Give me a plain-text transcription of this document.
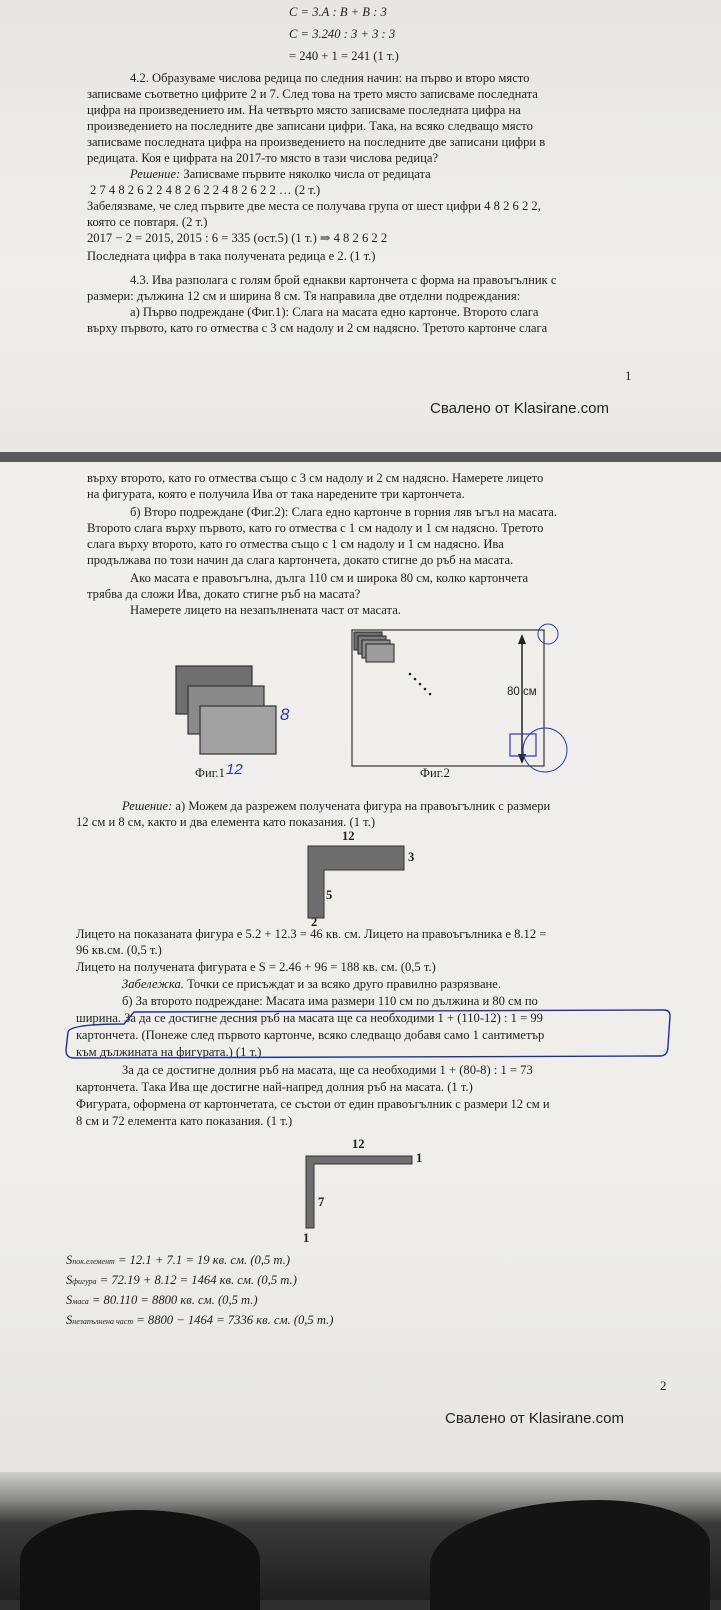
C = 3.А : В + В : 3
C = 3.240 : 3 + 3 : 3
= 240 + 1 = 241 (1 т.)
4.2. Образуваме числова редица по следния начин: на първо и второ място
записваме съответно цифрите 2 и 7. След това на трето място записваме последната
цифра на произведението им. На четвърто място записваме последната цифра на
произведението на последните две записани цифри. Така, на всяко следващо място
записваме последната цифра на произведението на последните две записани цифри в
редицата. Коя е цифрата на 2017-то място в тази числова редица?
Решение: Записваме първите няколко числа от редицата
2 7 4 8 2 6 2 2 4 8 2 6 2 2 4 8 2 6 2 2 … (2 т.)
Забелязваме, че след първите две места се получава група от шест цифри 4 8 2 6 2 2,
която се повтаря. (2 т.)
2017 − 2 = 2015, 2015 : 6 = 335 (ост.5) (1 т.) ⇒ 4 8 2 6 2 2
Последната цифра в така получената редица е 2. (1 т.)
4.3. Ива разполага с голям брой еднакви картончета с форма на правоъгълник с
размери: дължина 12 см и ширина 8 см. Тя направила две отделни подреждания:
а) Първо подреждане (Фиг.1): Слага на масата едно картонче. Второто слага
върху първото, като го отмества с 3 см надолу и 2 см надясно. Третото картонче слага
1
Свалено от Klasirane.com
върху второто, като го отмества също с 3 см надолу и 2 см надясно. Намерете лицето
на фигурата, която е получила Ива от така наредените три картончета.
б) Второ подреждане (Фиг.2): Слага едно картонче в горния ляв ъгъл на масата.
Второто слага върху първото, като го отмества с 1 см надолу и 1 см надясно. Третото
слага върху второто, като го отмества също с 1 см надолу и 1 см надясно. Ива
продължава по този начин да слага картончета, докато стигне до ръб на масата.
Ако масата е правоъгълна, дълга 110 см и широка 80 см, колко картончета
трябва да сложи Ива, докато стигне ръб на масата?
Намерете лицето на незапълнената част от масата.
8
12
Фиг.1
80 см
Фиг.2
Решение: а) Можем да разрежем получената фигура на правоъгълник с размери
12 см и 8 см, както и два елемента като показания. (1 т.)
12
3
5
2
Лицето на показаната фигура е 5.2 + 12.3 = 46 кв. см. Лицето на правоъгълника е 8.12 =
96 кв.см. (0,5 т.)
Лицето на получената фигурата е S = 2.46 + 96 = 188 кв. см. (0,5 т.)
Забележка. Точки се присъждат и за всяко друго правилно разрязване.
б) За второто подреждане: Масата има размери 110 см по дължина и 80 см по
ширина. За да се достигне десния ръб на масата ще са необходими 1 + (110-12) : 1 = 99
картончета. (Понеже след първото картонче, всяко следващо добавя само 1 сантиметър
към дължината на фигурата.) (1 т.)
За да се достигне долния ръб на масата, ще са необходими 1 + (80-8) : 1 = 73
картончета. Така Ива ще достигне най-напред долния ръб на масата. (1 т.)
Фигурата, оформена от картончетата, се състои от един правоъгълник с размери 12 см и
8 см и 72 елемента като показания. (1 т.)
12
1
7
1
Sпок.елемент = 12.1 + 7.1 = 19 кв. см. (0,5 т.)
Sфигура = 72.19 + 8.12 = 1464 кв. см. (0,5 т.)
Sмаса = 80.110 = 8800 кв. см. (0,5 т.)
Sнезапълнена част = 8800 − 1464 = 7336 кв. см. (0,5 т.)
2
Свалено от Klasirane.com
